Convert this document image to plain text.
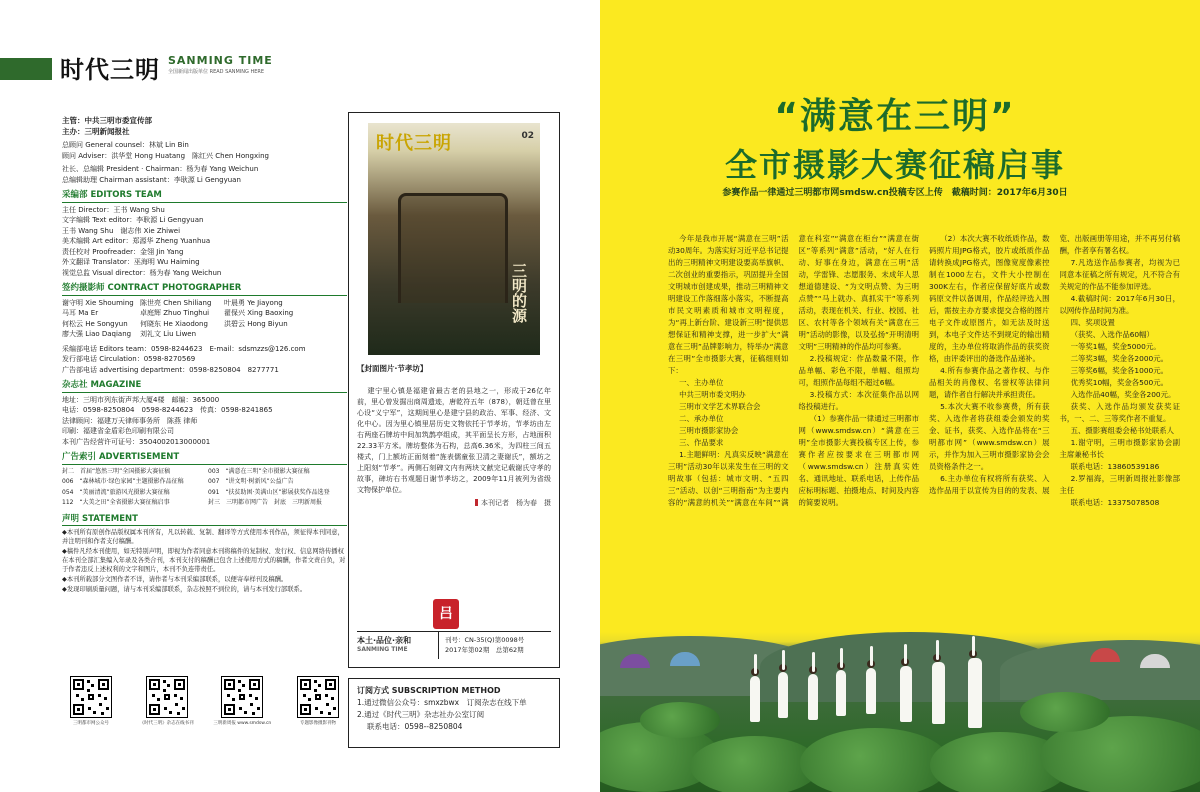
时代三明 SANMING TIME
全国新闻出版单位 READ SANMING HERE
主管：中共三明市委宣传部
主办：三明新闻报社
总顾问 General counsel：林斌 Lin Bin
顾问 Adviser：洪华堂 Hong Huatang　陈红兴 Chen Hongxing
社长、总编辑 President · Chairman：杨为春 Yang Weichun
总编辑助理 Chairman assistant：李耿源 Li Gengyuan
采编部 EDITORS TEAM
主任 Director：王书 Wang Shu
文字编辑 Text editor：李耿源 Li Gengyuan
王书 Wang Shu　谢志伟 Xie Zhiwei
美术编辑 Art editor：郑源华 Zheng Yuanhua
责任校对 Proofreader：金翎 Jin Yang
外文翻译 Translator：巫海明 Wu Haiming
视觉总监 Visual director：杨为春 Yang Weichun
签约摄影师 CONTRACT PHOTOGRAPHER
谢守明 Xie Shouming 陈世亮 Chen Shiliang	叶晨勇 Ye Jiayong
马耳 Ma Er	卓庭辉 Zhuo Tinghui	翟保兴 Xing Baoxing
何松云 He Songyun	何晓东 He Xiaodong	洪碧云 Hong Biyun
廖大强 Liao Daqiang	刘礼文 Liu Liwen
采编部电话 Editors team：0598-8244623　E-mail：sdsmzzs@126.com
发行部电话 Circulation：0598-8270569
广告部电话 advertising department：0598-8250804　8277771
杂志社 MAGAZINE
地址：三明市列东街声邦大厦4楼　邮编：365000
电话：0598-8250804　0598-8244623　传真：0598-8241865
法律顾问：福建万天律师事务所　陈燕 律师
印刷：福建省金盾彩色印刷有限公司
本刊广告经营许可证号：3504002013000001
广告索引 ADVERTISEMENT
封二　首届“悠然三明”全国摄影大赛征稿	003　“满意在三明”全市摄影大赛征稿
006　“森林城市·绿色家园”主题摄影作品征稿	007　“讲文明·树新风”公益广告
054　“美丽清流”旅游风光摄影大赛征稿	091　“扶贫助困·美满山区”影展获奖作品选登
112　“大美之田”全省摄影大赛征稿启事	封三　三明都市网广告　封底　三明新周报
声明 STATEMENT
◆本刊所有原创作品版权属本刊所有，凡以转载、复制、翻译等方式使用本刊作品，须征得本刊同意，并注明刊和作者支付稿酬。
◆稿件凡经本刊使用，如无特别声明，即视为作者同意本刊将稿件的复制权、发行权、信息网络传播权在本刊全部汇集编入年录及各类合刊，本刊支付的稿酬已包含上述使用方式的稿酬，作者文责自负，对于作者违反上述权利的文字和图片，本刊不负连带责任。
◆本刊所载部分文图作者不详，请作者与本刊采编部联系，以便寄奉样刊及稿酬。
◆发现印刷质量问题，请与本刊采编部联系，杂志按照不到位的，请与本刊发行部联系。
三明都市网公众号	《时代三明》杂志在线书刊	三明新周报 www.smdsw.cn	专题影像摄影刊物
时代三明	02
三明的源
【封面图片·节孝坊】
建宁里心镇是福建省最古老的县地之一，形成于26亿年前，里心曾发掘出商周遗迹，唐乾符五年（878），朝廷曾在里心设“义宁军”，这期间里心是建宁县的政治、军事、经济、文化中心。因为里心镇里居历史文物依托于节孝坊，节孝坊由左右两座石牌坊中间加筑鹊亭组成，其平面呈长方形，占地面积22.33平方米。牌坊整体为石构，总高6.36米，为四柱三间五楼式，门上额坊正面刻着“旌表儒童张卫清之妻谢氏”，额坊之上阳刻“节孝”。两侧石刻碑文内有两块文献完记载谢氏守孝的故事，碑坊右书观题日谢节孝坊之，2009年11月被列为省级文物保护单位。
本刊记者　杨为春　摄
吕
本土·品位·亲和
SANMING TIME
刊号：CN-35(Q)第0098号
2017年第02期　总第62期
订阅方式 SUBSCRIPTION METHOD
1.通过微信公众号：smxzbwx　订阅杂志在线下单
2.通过《时代三明》杂志社办公室订阅
联系电话：0598--8250804
“满意在三明”
全市摄影大赛征稿启事
参赛作品一律通过三明都市网smdsw.cn投稿专区上传　截稿时间：2017年6月30日

今年是我市开展“满意在三明”活动30周年。为落实好习近平总书记提出的三明精神文明建设要高举旗帜、二次创业的重要指示，巩固提升全国文明城市创建成果，推动三明精神文明建设工作落细落小落实，不断提高市民文明素质和城市文明程度，为“再上新台阶、建设新三明”提供思想保证和精神支撑，进一步扩大“满意在三明”品牌影响力，特举办“满意在三明”全市摄影大赛，征稿细则如下：

一、主办单位

中共三明市委文明办

三明市文学艺术界联合会

二、承办单位

三明市摄影家协会

三、作品要求

1.主题鲜明：凡真实反映“满意在三明”活动30年以来发生在三明的文明故事（包括：城市文明、“五四三”活动、以创“三明指南”为主要内容的“满意的机关”“满意在车间”“满意在科室”“满意在柜台”“满意在街区”等系列“满意”活动，“好人在行动、好事在身边，满意在三明”活动，学雷锋、志愿服务、未成年人思想道德建设、“为文明点赞、为三明点赞”“马上就办、真抓实干”等系列活动，表现在机关、行业、校园、社区、农村等各个领域有关“满意在三明”活动的影像，以及弘扬“开明清明文明”三明精神的作品均可参赛。

2.投稿规定：作品数量不限，作品单幅、彩色不限，单幅、组照均可，组照作品每组不超过6幅。

3.投稿方式：本次征集作品以网络投稿进行。

（1）参赛作品一律通过三明都市网（www.smdsw.cn）“满意在三明”全市摄影大赛投稿专区上传，参赛作者应按要求在三明都市网（www.smdsw.cn）注册真实姓名、通讯地址、联系电话，上传作品应标明标题、拍摄地点、时间及内容的简要说明。

（2）本次大赛不收纸质作品，数码照片用JPG格式，胶片或纸质作品请转换成JPG格式，图像宽度像素控制在1000左右，文件大小控制在300K左右，作者应保留好底片或数码原文件以备调用，作品经评选入围后，需按主办方要求提交合格的图片电子文件或原图片，如无法及时送到，本电子文件达不到规定的输出精度的，主办单位将取消作品的获奖资格，由评委评出的备选作品递补。

4.所有参赛作品之著作权、与作品相关的肖像权、名誉权等法律问题，请作者自行解决并承担责任。

5.本次大赛不收参赛费，所有获奖、入选作者将获组委会颁发的奖金、证书，获奖、入选作品将在“三明都市网”（www.smdsw.cn）展示，并作为加入三明市摄影家协会会员资格条件之一。

6.主办单位有权将所有获奖、入选作品用于以宣传为目的的发表、展览、出版画册等用途，并不再另付稿酬，作者享有署名权。

7.凡选送作品参赛者，均视为已同意本征稿之所有规定，凡不符合有关规定的作品不能参加评选。

4.截稿时间：2017年6月30日，以网传作品时间为准。

四、奖项设置

（获奖、入选作品60幅）

一等奖1幅，奖金5000元。

二等奖3幅，奖金各2000元。

三等奖6幅，奖金各1000元。

优秀奖10幅，奖金各500元。

入选作品40幅，奖金各200元。

获奖、入选作品均颁发获奖证书，一、二、三等奖作者不重复。

五、摄影赛组委会秘书处联系人

1.谢守明，三明市摄影家协会副主席兼秘书长

联系电话：13860539186

2.罗福海，三明新周报社影像部主任

联系电话：13375078508
